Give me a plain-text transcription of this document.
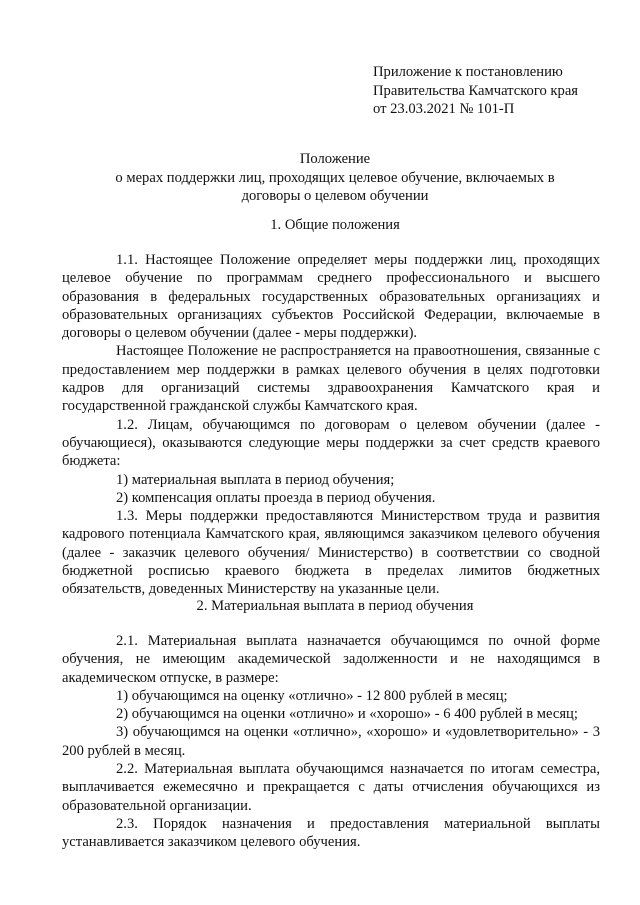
Приложение к постановлению
Правительства Камчатского края
от 23.03.2021 № 101-П
Положение
о мерах поддержки лиц, проходящих целевое обучение, включаемых в
договоры о целевом обучении
1. Общие положения

1.1. Настоящее Положение определяет меры поддержки лиц, проходящих целевое обучение по программам среднего профессионального и высшего образования в федеральных государственных образовательных организациях и образовательных организациях субъектов Российской Федерации, включаемые в договоры о целевом обучении (далее - меры поддержки).

Настоящее Положение не распространяется на правоотношения, связанные с предоставлением мер поддержки в рамках целевого обучения в целях подготовки кадров для организаций системы здравоохранения Камчатского края и государственной гражданской службы Камчатского края.

1.2. Лицам, обучающимся по договорам о целевом обучении (далее - обучающиеся), оказываются следующие меры поддержки за счет средств краевого бюджета:

1) материальная выплата в период обучения;

2) компенсация оплаты проезда в период обучения.

1.3. Меры поддержки предоставляются Министерством труда и развития кадрового потенциала Камчатского края, являющимся заказчиком целевого обучения (далее - заказчик целевого обучения/ Министерство) в соответствии со сводной бюджетной росписью краевого бюджета в пределах лимитов бюджетных обязательств, доведенных Министерству на указанные цели.

2. Материальная выплата в период обучения

2.1. Материальная выплата назначается обучающимся по очной форме обучения, не имеющим академической задолженности и не находящимся в академическом отпуске, в размере:

1) обучающимся на оценку «отлично» - 12 800 рублей в месяц;

2) обучающимся на оценки «отлично» и «хорошо» - 6 400 рублей в месяц;

3) обучающимся на оценки «отлично», «хорошо» и «удовлетворительно» - 3 200 рублей в месяц.

2.2. Материальная выплата обучающимся назначается по итогам семестра, выплачивается ежемесячно и прекращается с даты отчисления обучающихся из образовательной организации.

2.3. Порядок назначения и предоставления материальной выплаты устанавливается заказчиком целевого обучения.
